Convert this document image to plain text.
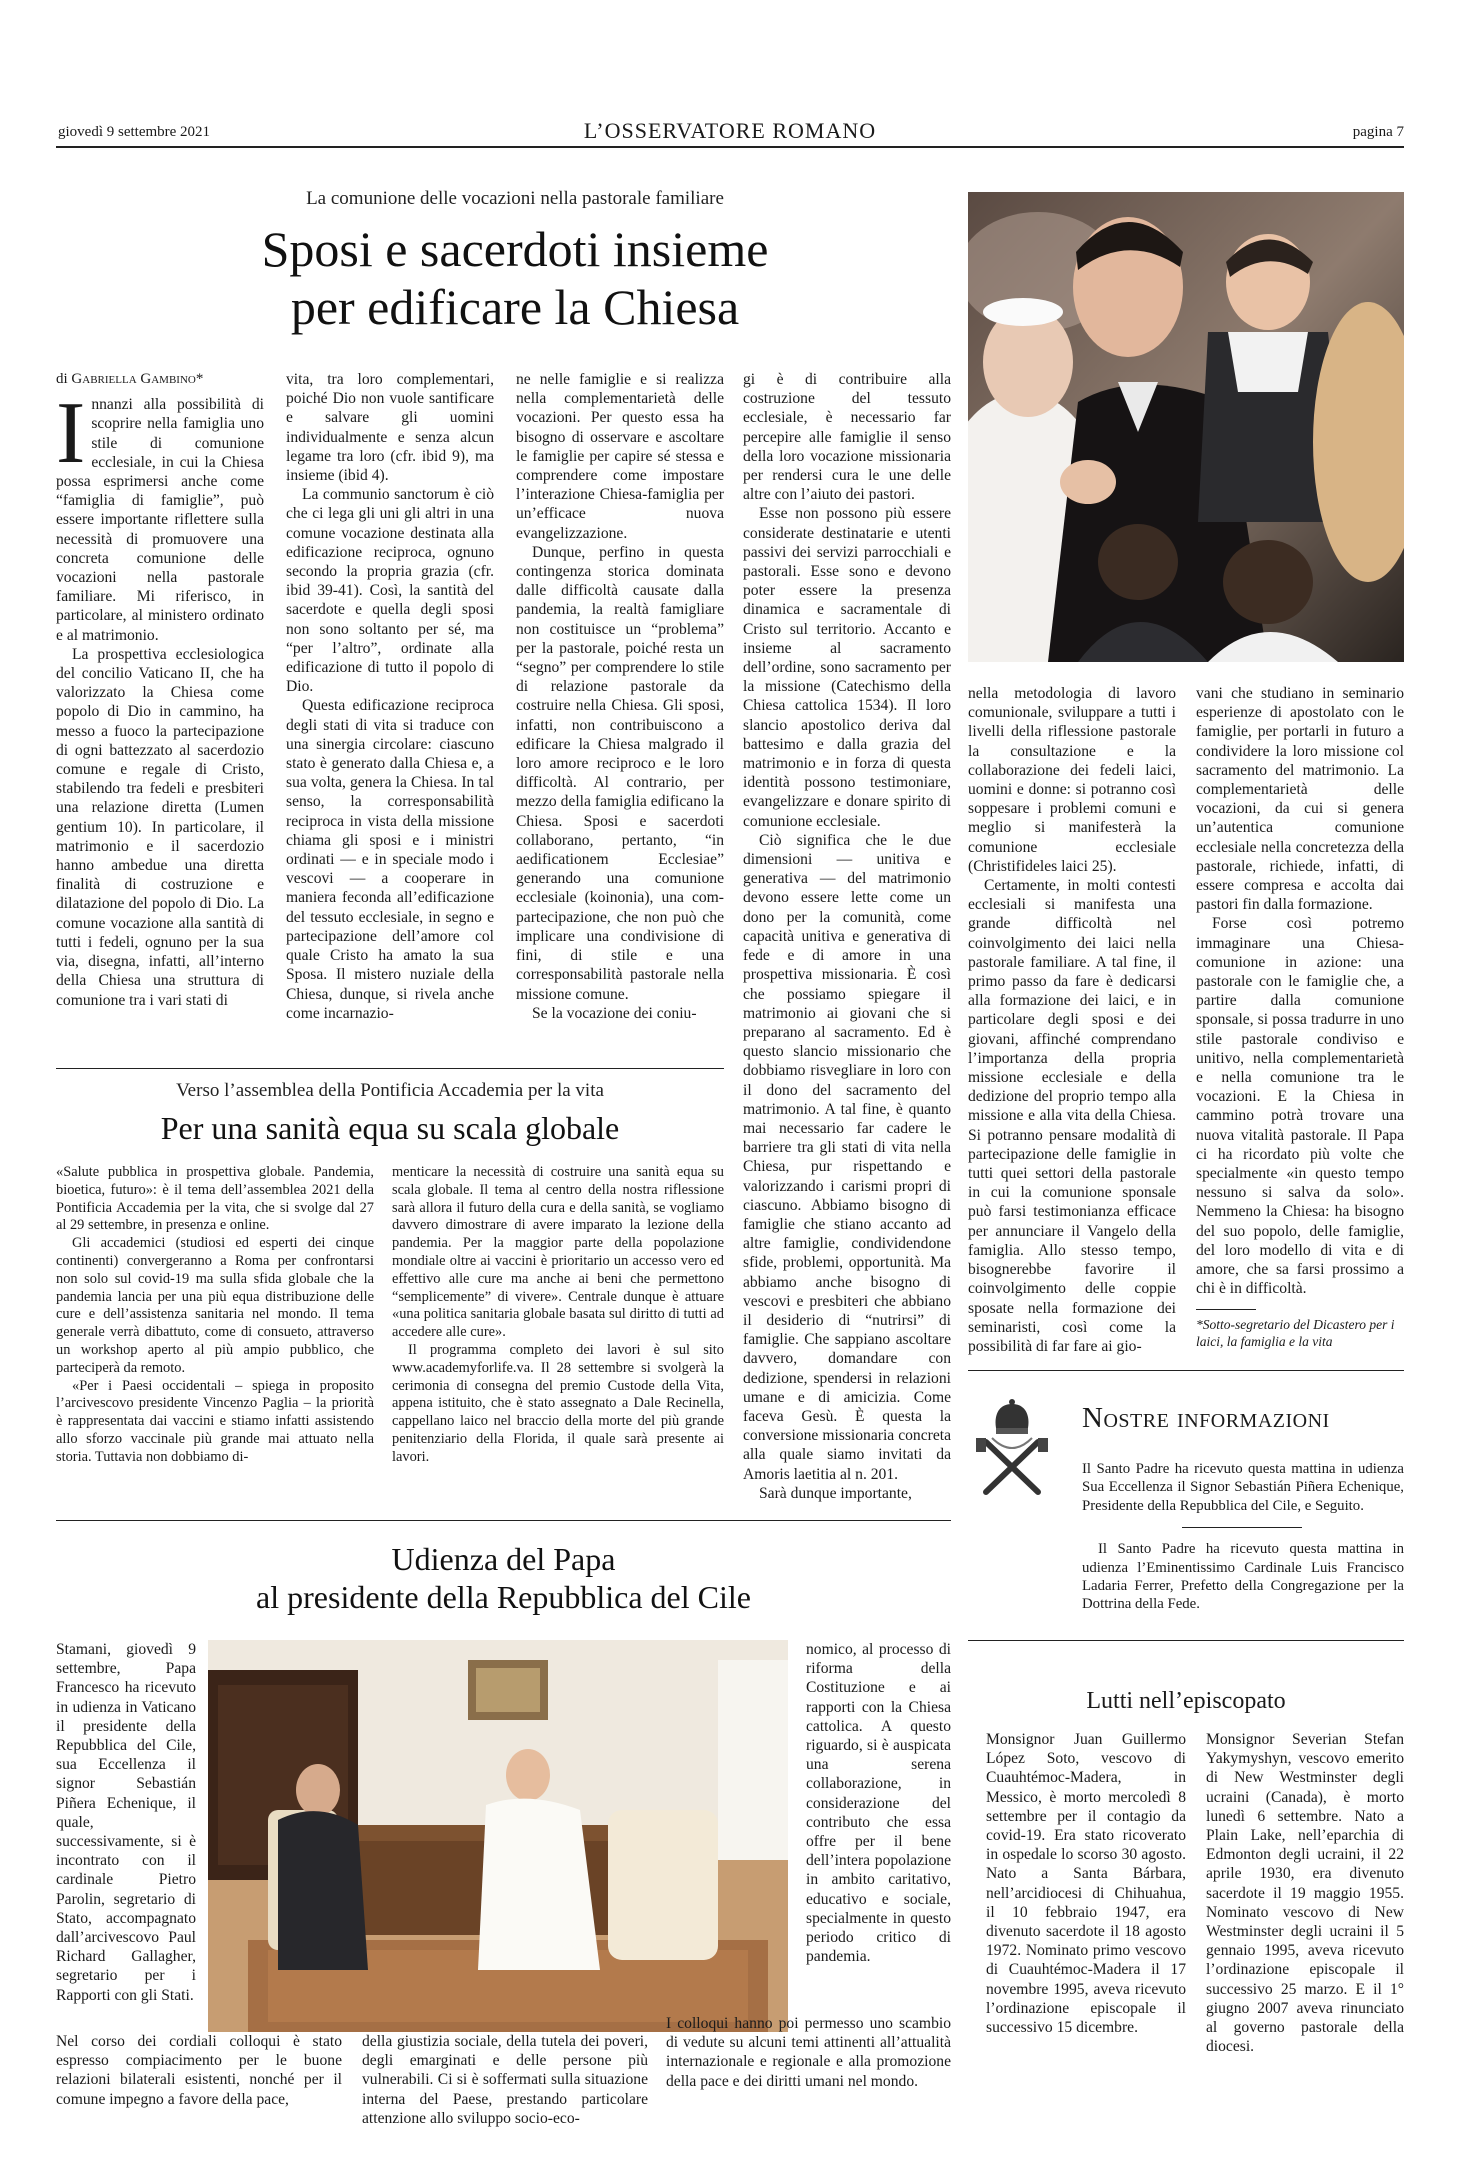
giovedì 9 settembre 2021	L’OSSERVATORE ROMANO	pagina 7
La comunione delle vocazioni nella pastorale familiare
Sposi e sacerdoti insieme
per edificare la Chiesa
di Gabriella Gambino*

Innanzi alla possibilità di scoprire nella famiglia uno stile di comunione ecclesiale, in cui la Chiesa possa esprimersi anche come “famiglia di famiglie”, può essere importante riflettere sulla necessità di promuovere una concreta comunione delle vocazioni nella pastorale familiare. Mi riferisco, in particolare, al ministero ordinato e al matrimonio.

La prospettiva ecclesiologica del concilio Vaticano II, che ha valorizzato la Chiesa come popolo di Dio in cammino, ha messo a fuoco la partecipazione di ogni battezzato al sacerdozio comune e regale di Cristo, stabilendo tra fedeli e presbiteri una relazione diretta (Lumen gentium 10). In particolare, il matrimonio e il sacerdozio hanno ambedue una diretta finalità di costruzione e dilatazione del popolo di Dio. La comune vocazione alla santità di tutti i fedeli, ognuno per la sua via, disegna, infatti, all’interno della Chiesa una struttura di comunione tra i vari stati di

vita, tra loro complementari, poiché Dio non vuole santificare e salvare gli uomini individualmente e senza alcun legame tra loro (cfr. ibid 9), ma insieme (ibid 4).

La communio sanctorum è ciò che ci lega gli uni gli altri in una comune vocazione destinata alla edificazione reciproca, ognuno secondo la propria grazia (cfr. ibid 39-41). Così, la santità del sacerdote e quella degli sposi non sono soltanto per sé, ma “per l’altro”, ordinate alla edificazione di tutto il popolo di Dio.

Questa edificazione reciproca degli stati di vita si traduce con una sinergia circolare: ciascuno stato è generato dalla Chiesa e, a sua volta, genera la Chiesa. In tal senso, la corresponsabilità reciproca in vista della missione chiama gli sposi e i ministri ordinati — e in speciale modo i vescovi — a cooperare in maniera feconda all’edificazione del tessuto ecclesiale, in segno e partecipazione dell’amore col quale Cristo ha amato la sua Sposa. Il mistero nuziale della Chiesa, dunque, si rivela anche come incarnazio-

ne nelle famiglie e si realizza nella complementarietà delle vocazioni. Per questo essa ha bisogno di osservare e ascoltare le famiglie per capire sé stessa e comprendere come impostare l’interazione Chiesa-famiglia per un’efficace nuova evangelizzazione.

Dunque, perfino in questa contingenza storica dominata dalle difficoltà causate dalla pandemia, la realtà famigliare non costituisce un “problema” per la pastorale, poiché resta un “segno” per comprendere lo stile di relazione pastorale da costruire nella Chiesa. Gli sposi, infatti, non contribuiscono a edificare la Chiesa malgrado il loro amore reciproco e le loro difficoltà. Al contrario, per mezzo della famiglia edificano la Chiesa. Sposi e sacerdoti collaborano, pertanto, “in aedificationem Ecclesiae” generando una comunione ecclesiale (koinonia), una com-partecipazione, che non può che implicare una condivisione di fini, di stile e una corresponsabilità pastorale nella missione comune.

Se la vocazione dei coniu-

gi è di contribuire alla costruzione del tessuto ecclesiale, è necessario far percepire alle famiglie il senso della loro vocazione missionaria per rendersi cura le une delle altre con l’aiuto dei pastori.

Esse non possono più essere considerate destinatarie e utenti passivi dei servizi parrocchiali e pastorali. Esse sono e devono poter essere la presenza dinamica e sacramentale di Cristo sul territorio. Accanto e insieme al sacramento dell’ordine, sono sacramento per la missione (Catechismo della Chiesa cattolica 1534). Il loro slancio apostolico deriva dal battesimo e dalla grazia del matrimonio e in forza di questa identità possono testimoniare, evangelizzare e donare spirito di comunione ecclesiale.

Ciò significa che le due dimensioni — unitiva e generativa — del matrimonio devono essere lette come un dono per la comunità, come capacità unitiva e generativa di fede e di amore in una prospettiva missionaria. È così che possiamo spiegare il matrimonio ai giovani che si preparano al sacramento. Ed è questo slancio missionario che dobbiamo risvegliare in loro con il dono del sacramento del matrimonio. A tal fine, è quanto mai necessario far cadere le barriere tra gli stati di vita nella Chiesa, pur rispettando e valorizzando i carismi propri di ciascuno. Abbiamo bisogno di famiglie che stiano accanto ad altre famiglie, condividendone sfide, problemi, opportunità. Ma abbiamo anche bisogno di vescovi e presbiteri che abbiano il desiderio di “nutrirsi” di famiglie. Che sappiano ascoltare davvero, domandare con dedizione, spendersi in relazioni umane e di amicizia. Come faceva Gesù. È questa la conversione missionaria concreta alla quale siamo invitati da Amoris laetitia al n. 201.

Sarà dunque importante,

nella metodologia di lavoro comunionale, sviluppare a tutti i livelli della riflessione pastorale la consultazione e la collaborazione dei fedeli laici, uomini e donne: si potranno così soppesare i problemi comuni e meglio si manifesterà la comunione ecclesiale (Christifideles laici 25).

Certamente, in molti contesti ecclesiali si manifesta una grande difficoltà nel coinvolgimento dei laici nella pastorale familiare. A tal fine, il primo passo da fare è dedicarsi alla formazione dei laici, e in particolare degli sposi e dei giovani, affinché comprendano l’importanza della propria missione ecclesiale e della dedizione del proprio tempo alla missione e alla vita della Chiesa. Si potranno pensare modalità di partecipazione delle famiglie in tutti quei settori della pastorale in cui la comunione sponsale può farsi testimonianza efficace per annunciare il Vangelo della famiglia. Allo stesso tempo, bisognerebbe favorire il coinvolgimento delle coppie sposate nella formazione dei seminaristi, così come la possibilità di far fare ai gio-

vani che studiano in seminario esperienze di apostolato con le famiglie, per portarli in futuro a condividere la loro missione col sacramento del matrimonio. La complementarietà delle vocazioni, da cui si genera un’autentica comunione ecclesiale nella concretezza della pastorale, richiede, infatti, di essere compresa e accolta dai pastori fin dalla formazione.

Forse così potremo immaginare una Chiesa-comunione in azione: una pastorale con le famiglie che, a partire dalla comunione sponsale, si possa tradurre in uno stile pastorale condiviso e unitivo, nella complementarietà e nella comunione tra le vocazioni. E la Chiesa in cammino potrà trovare una nuova vitalità pastorale. Il Papa ci ha ricordato più volte che specialmente «in questo tempo nessuno si salva da solo». Nemmeno la Chiesa: ha bisogno del suo popolo, delle famiglie, del loro modello di vita e di amore, che sa farsi prossimo a chi è in difficoltà.

*Sotto-segretario del Dicastero per i laici, la famiglia e la vita
Verso l’assemblea della Pontificia Accademia per la vita
Per una sanità equa su scala globale

«Salute pubblica in prospettiva globale. Pandemia, bioetica, futuro»: è il tema dell’assemblea 2021 della Pontificia Accademia per la vita, che si svolge dal 27 al 29 settembre, in presenza e online.

Gli accademici (studiosi ed esperti dei cinque continenti) convergeranno a Roma per confrontarsi non solo sul covid-19 ma sulla sfida globale che la pandemia lancia per una più equa distribuzione delle cure e dell’assistenza sanitaria nel mondo. Il tema generale verrà dibattuto, come di consueto, attraverso un workshop aperto al più ampio pubblico, che parteciperà da remoto.

«Per i Paesi occidentali – spiega in proposito l’arcivescovo presidente Vincenzo Paglia – la priorità è rappresentata dai vaccini e stiamo infatti assistendo allo sforzo vaccinale più grande mai attuato nella storia. Tuttavia non dobbiamo di-

menticare la necessità di costruire una sanità equa su scala globale. Il tema al centro della nostra riflessione sarà allora il futuro della cura e della sanità, se vogliamo davvero dimostrare di avere imparato la lezione della pandemia. Per la maggior parte della popolazione mondiale oltre ai vaccini è prioritario un accesso vero ed effettivo alle cure ma anche ai beni che permettono “semplicemente” di vivere». Centrale dunque è attuare «una politica sanitaria globale basata sul diritto di tutti ad accedere alle cure».

Il programma completo dei lavori è sul sito www.academyforlife.va. Il 28 settembre si svolgerà la cerimonia di consegna del premio Custode della Vita, appena istituito, che è stato assegnato a Dale Recinella, cappellano laico nel braccio della morte del più grande penitenziario della Florida, il quale sarà presente ai lavori.

Udienza del Papa
al presidente della Repubblica del Cile

Stamani, giovedì 9 settembre, Papa Francesco ha ricevuto in udienza in Vaticano il presidente della Repubblica del Cile, sua Eccellenza il signor Sebastián Piñera Echenique, il quale, successivamente, si è incontrato con il cardinale Pietro Parolin, segretario di Stato, accompagnato dall’arcivescovo Paul Richard Gallagher, segretario per i Rapporti con gli Stati.

nomico, al processo di riforma della Costituzione e ai rapporti con la Chiesa cattolica. A questo riguardo, si è auspicata una serena collaborazione, in considerazione del contributo che essa offre per il bene dell’intera popolazione in ambito caritativo, educativo e sociale, specialmente in questo periodo critico di pandemia.

Nel corso dei cordiali colloqui è stato espresso compiacimento per le buone relazioni bilaterali esistenti, nonché per il comune impegno a favore della pace,

della giustizia sociale, della tutela dei poveri, degli emarginati e delle persone più vulnerabili. Ci si è soffermati sulla situazione interna del Paese, prestando particolare attenzione allo sviluppo socio-eco-

I colloqui hanno poi permesso uno scambio di vedute su alcuni temi attinenti all’attualità internazionale e regionale e alla promozione della pace e dei diritti umani nel mondo.

Nostre informazioni

Il Santo Padre ha ricevuto questa mattina in udienza Sua Eccellenza il Signor Sebastián Piñera Echenique, Presidente della Repubblica del Cile, e Seguito.

Il Santo Padre ha ricevuto questa mattina in udienza l’Eminentissimo Cardinale Luis Francisco Ladaria Ferrer, Prefetto della Congregazione per la Dottrina della Fede.

Lutti nell’episcopato

Monsignor Juan Guillermo López Soto, vescovo di Cuauhtémoc-Madera, in Messico, è morto mercoledì 8 settembre per il contagio da covid-19. Era stato ricoverato in ospedale lo scorso 30 agosto. Nato a Santa Bárbara, nell’arcidiocesi di Chihuahua, il 10 febbraio 1947, era divenuto sacerdote il 18 agosto 1972. Nominato primo vescovo di Cuauhtémoc-Madera il 17 novembre 1995, aveva ricevuto l’ordinazione episcopale il successivo 15 dicembre.

Monsignor Severian Stefan Yakymyshyn, vescovo emerito di New Westminster degli ucraini (Canada), è morto lunedì 6 settembre. Nato a Plain Lake, nell’eparchia di Edmonton degli ucraini, il 22 aprile 1930, era divenuto sacerdote il 19 maggio 1955. Nominato vescovo di New Westminster degli ucraini il 5 gennaio 1995, aveva ricevuto l’ordinazione episcopale il successivo 25 marzo. E il 1° giugno 2007 aveva rinunciato al governo pastorale della diocesi.
